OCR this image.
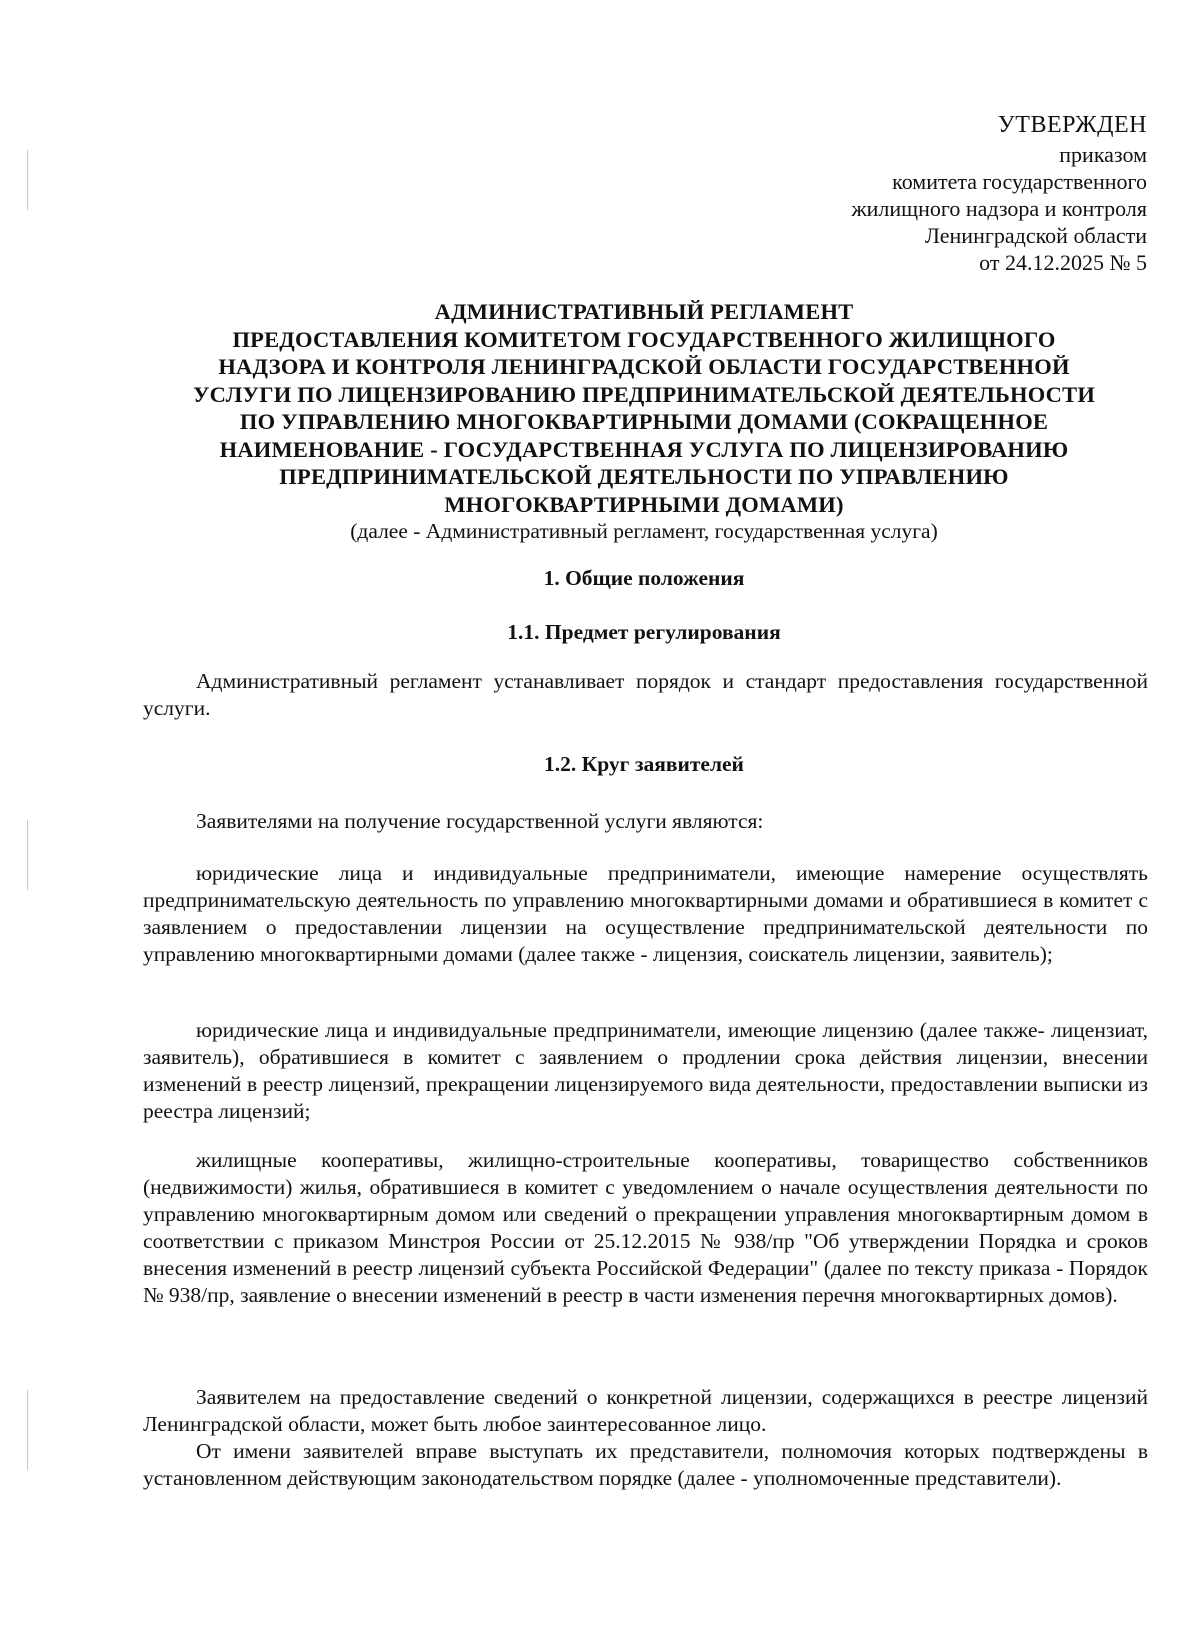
УТВЕРЖДЕН
приказом
комитета государственного
жилищного надзора и контроля
Ленинградской области
от 24.12.2025 № 5
АДМИНИСТРАТИВНЫЙ РЕГЛАМЕНТ
ПРЕДОСТАВЛЕНИЯ КОМИТЕТОМ ГОСУДАРСТВЕННОГО ЖИЛИЩНОГО
НАДЗОРА И КОНТРОЛЯ ЛЕНИНГРАДСКОЙ ОБЛАСТИ ГОСУДАРСТВЕННОЙ
УСЛУГИ ПО ЛИЦЕНЗИРОВАНИЮ ПРЕДПРИНИМАТЕЛЬСКОЙ ДЕЯТЕЛЬНОСТИ
ПО УПРАВЛЕНИЮ МНОГОКВАРТИРНЫМИ ДОМАМИ (СОКРАЩЕННОЕ
НАИМЕНОВАНИЕ - ГОСУДАРСТВЕННАЯ УСЛУГА ПО ЛИЦЕНЗИРОВАНИЮ
ПРЕДПРИНИМАТЕЛЬСКОЙ ДЕЯТЕЛЬНОСТИ ПО УПРАВЛЕНИЮ
МНОГОКВАРТИРНЫМИ ДОМАМИ)
(далее - Административный регламент, государственная услуга)
1. Общие положения
1.1. Предмет регулирования

Административный регламент устанавливает порядок и стандарт предоставления государственной услуги.

1.2. Круг заявителей

Заявителями на получение государственной услуги являются:

юридические лица и индивидуальные предприниматели, имеющие намерение осуществлять предпринимательскую деятельность по управлению многоквартирными домами и обратившиеся в комитет с заявлением о предоставлении лицензии на осуществление предпринимательской деятельности по управлению многоквартирными домами (далее также - лицензия, соискатель лицензии, заявитель);

юридические лица и индивидуальные предприниматели, имеющие лицензию (далее также- лицензиат, заявитель), обратившиеся в комитет с заявлением о продлении срока действия лицензии, внесении изменений в реестр лицензий, прекращении лицензируемого вида деятельности, предоставлении выписки из реестра лицензий;

жилищные кооперативы, жилищно-строительные кооперативы, товарищество собственников (недвижимости) жилья, обратившиеся в комитет с уведомлением о начале осуществления деятельности по управлению многоквартирным домом или сведений о прекращении управления многоквартирным домом в соответствии с приказом Минстроя России от 25.12.2015 № 938/пр "Об утверждении Порядка и сроков внесения изменений в реестр лицензий субъекта Российской Федерации" (далее по тексту приказа - Порядок № 938/пр, заявление о внесении изменений в реестр в части изменения перечня многоквартирных домов).

Заявителем на предоставление сведений о конкретной лицензии, содержащихся в реестре лицензий Ленинградской области, может быть любое заинтересованное лицо.

От имени заявителей вправе выступать их представители, полномочия которых подтверждены в установленном действующим законодательством порядке (далее - уполномоченные представители).
